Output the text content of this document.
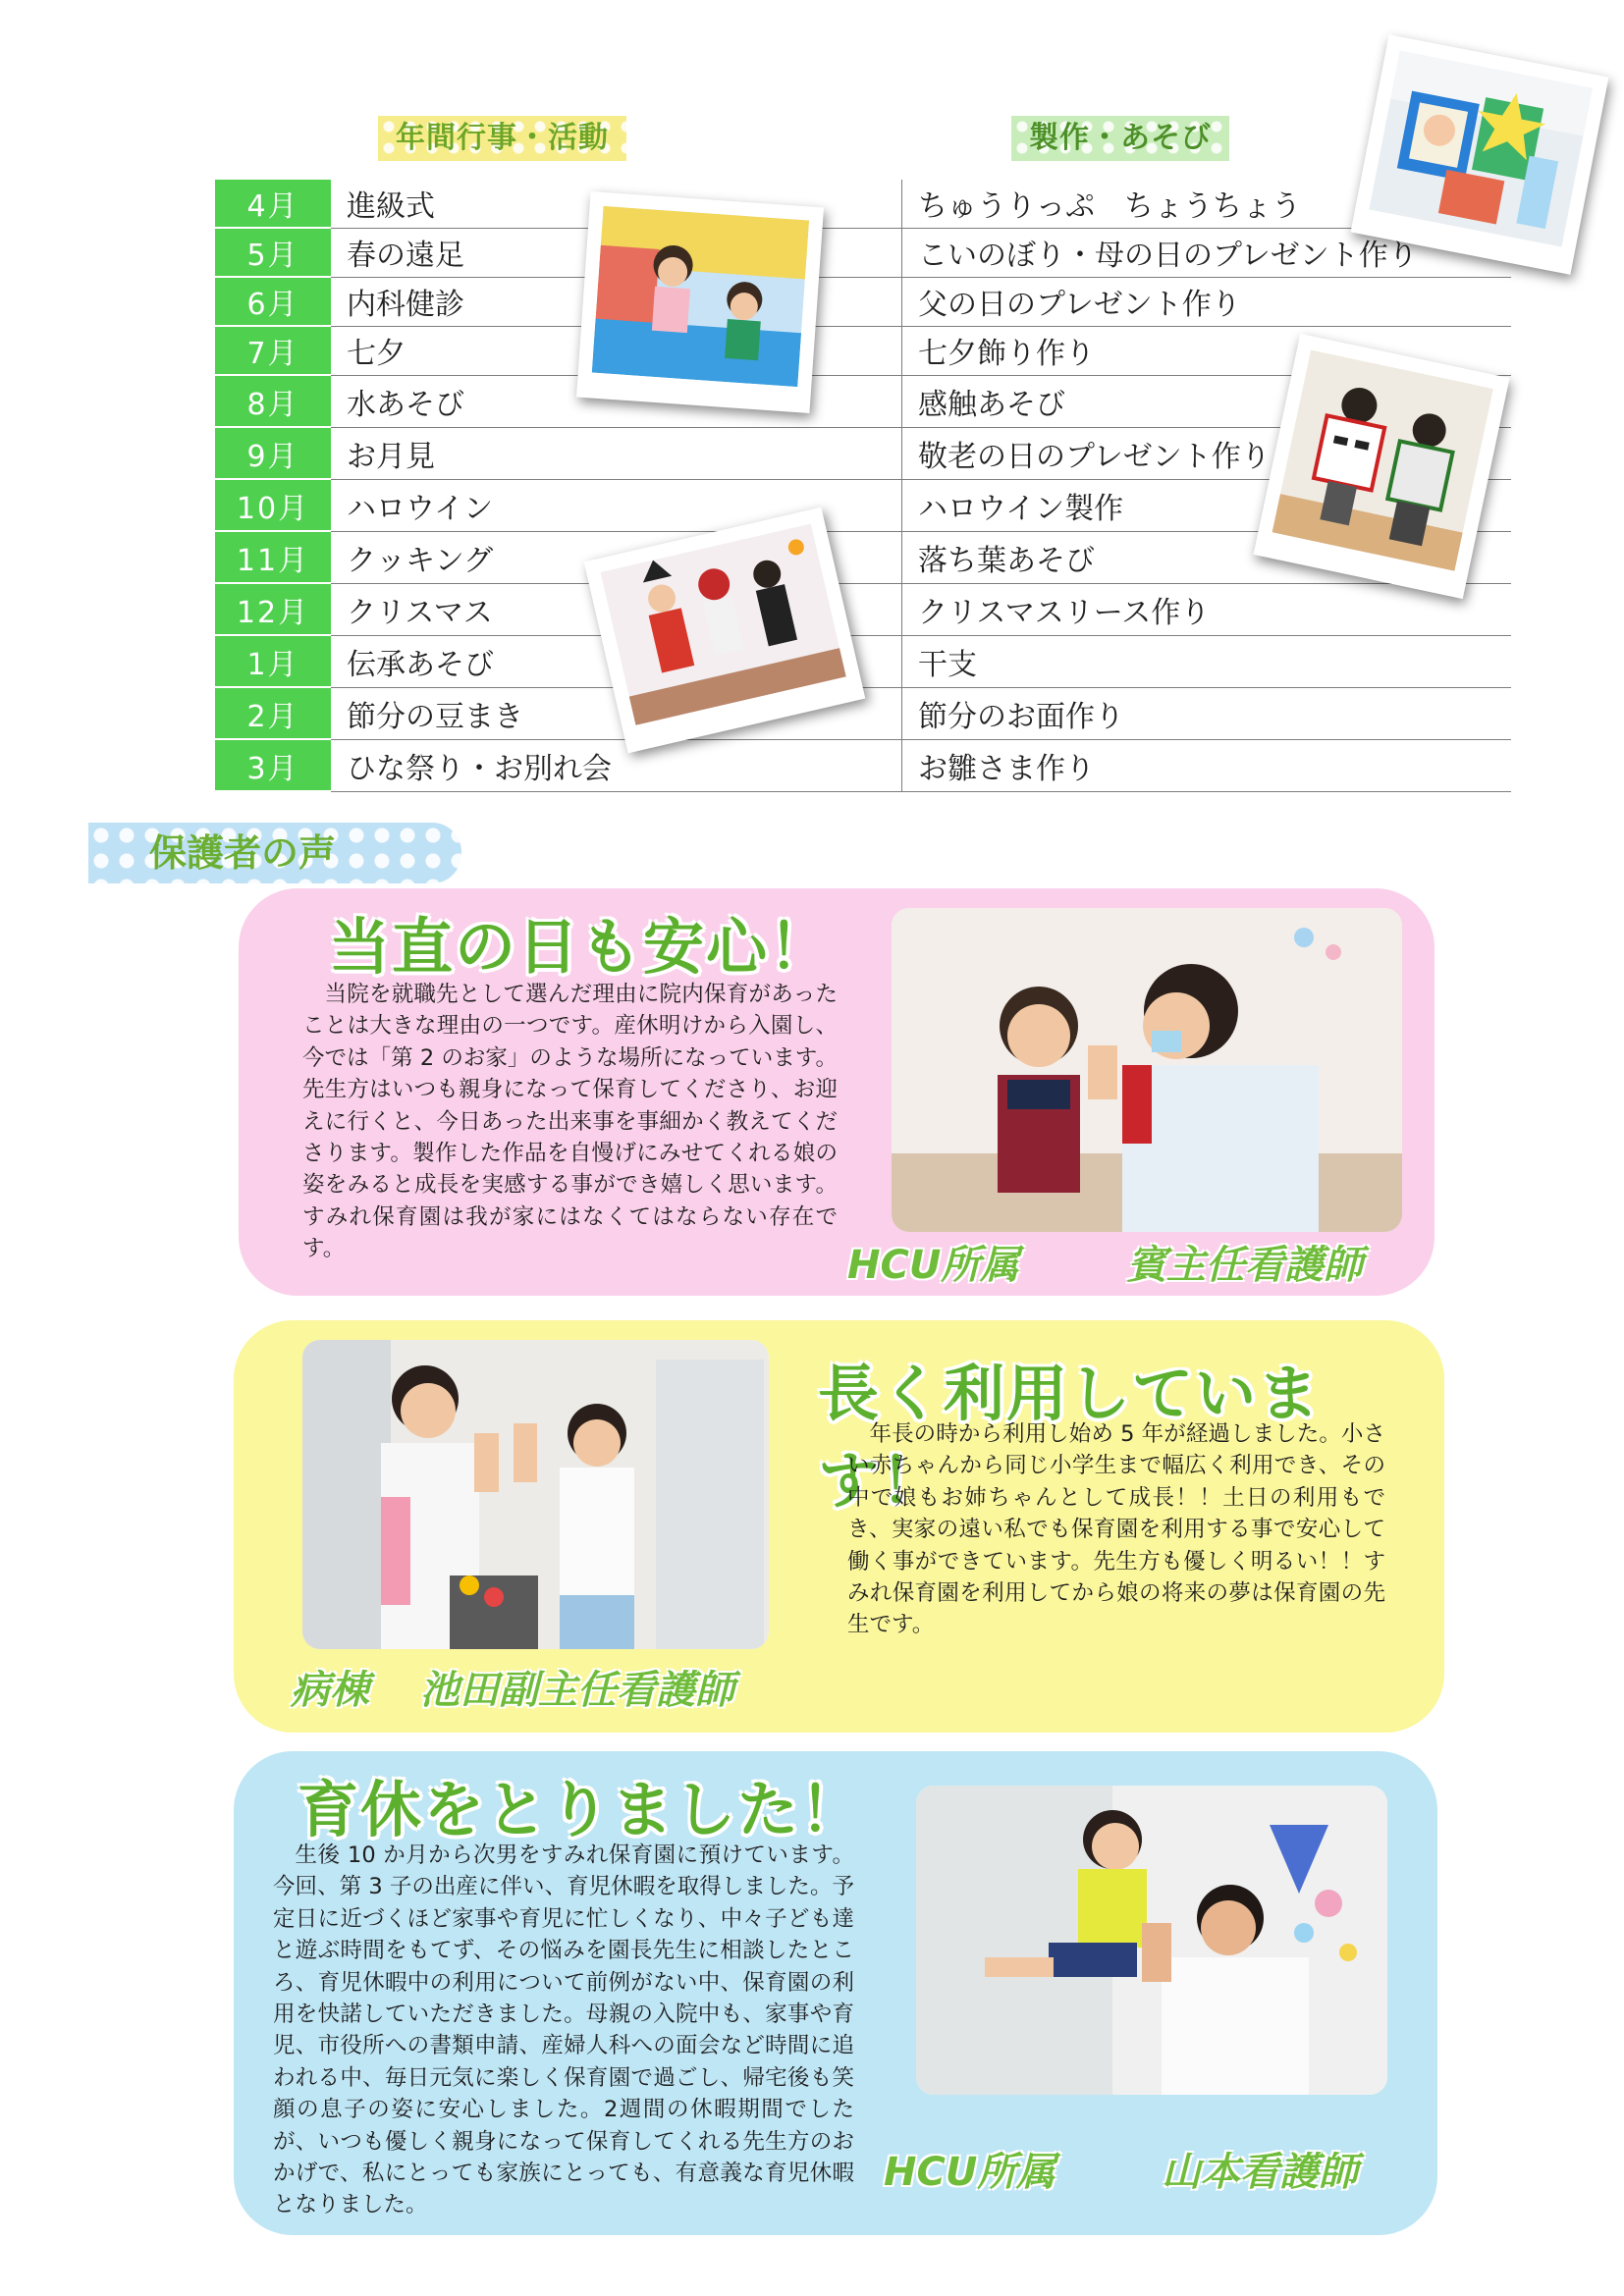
年間行事・活動	製作・あそび
4月	進級式	ちゅうりっぷ　ちょうちょう
5月	春の遠足	こいのぼり・母の日のプレゼント作り
6月	内科健診	父の日のプレゼント作り
7月	七夕	七夕飾り作り
8月	水あそび	感触あそび
9月	お月見	敬老の日のプレゼント作り
10月	ハロウイン	ハロウイン製作
11月	クッキング	落ち葉あそび
12月	クリスマス	クリスマスリース作り
1月	伝承あそび	干支
2月	節分の豆まき	節分のお面作り
3月	ひな祭り・お別れ会	お雛さま作り
保護者の声
当直の日も安心！
当院を就職先として選んだ理由に院内保育があったことは大きな理由の一つです。産休明けから入園し、今では「第 2 のお家」のような場所になっています。先生方はいつも親身になって保育してくださり、お迎えに行くと、今日あった出来事を事細かく教えてくださります。製作した作品を自慢げにみせてくれる娘の姿をみると成長を実感する事ができ嬉しく思います。すみれ保育園は我が家にはなくてはならない存在です。	HCU所属	賓主任看護師
長く利用しています！
年長の時から利用し始め 5 年が経過しました。小さい赤ちゃんから同じ小学生まで幅広く利用でき、その中で娘もお姉ちゃんとして成長！！土日の利用もでき、実家の遠い私でも保育園を利用する事で安心して働く事ができています。先生方も優しく明るい！！すみれ保育園を利用してから娘の将来の夢は保育園の先生です。
病棟 池田副主任看護師
育休をとりました！
生後 10 か月から次男をすみれ保育園に預けています。今回、第 3 子の出産に伴い、育児休暇を取得しました。予定日に近づくほど家事や育児に忙しくなり、中々子ども達と遊ぶ時間をもてず、その悩みを園長先生に相談したところ、育児休暇中の利用について前例がない中、保育園の利用を快諾していただきました。母親の入院中も、家事や育児、市役所への書類申請、産婦人科への面会など時間に追われる中、毎日元気に楽しく保育園で過ごし、帰宅後も笑顔の息子の姿に安心しました。2週間の休暇期間でしたが、いつも優しく親身になって保育してくれる先生方のおかげで、私にとっても家族にとっても、有意義な育児休暇となりました。
HCU所属	山本看護師
